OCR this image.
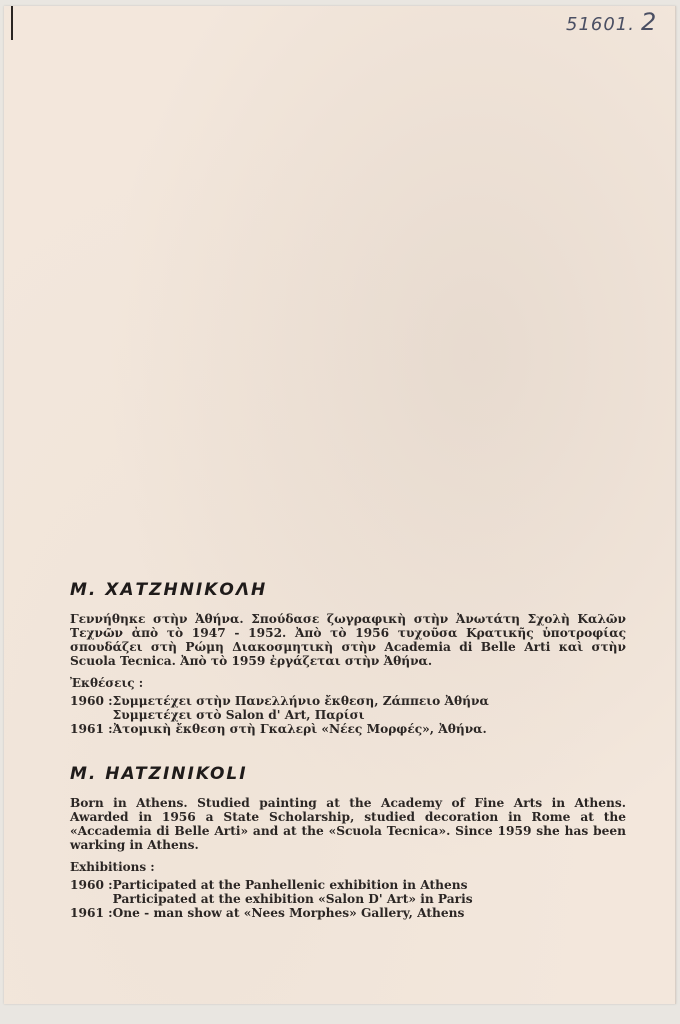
51601. 2
Μ. ΧΑΤΖΗΝΙΚΟΛΗ

Γεννήθηκε στὴν Ἀθήνα. Σπούδασε ζωγραφικὴ στὴν Ἀνωτάτη Σχολὴ Καλῶν Τεχνῶν ἀπὸ τὸ 1947 - 1952. Ἀπὸ τὸ 1956 τυχοῦσα Κρατικῆς ὑποτροφίας σπουδάζει στὴ Ρώμη Διακοσμητικὴ στὴν Academia di Belle Arti καὶ στὴν Scuola Tecnica. Ἀπὸ τὸ 1959 ἐργάζεται στὴν Ἀθήνα.

Ἐκθέσεις :
1960 :	Συμμετέχει στὴν Πανελλήνιο ἔκθεση, Ζάππειο Ἀθήνα
	Συμμετέχει στὸ Salon d' Art, Παρίσι
1961 :	Ἀτομικὴ ἔκθεση στὴ Γκαλερὶ «Νέες Μορφές», Ἀθήνα.
M. HATZINIKOLI

Born in Athens. Studied painting at the Academy of Fine Arts in Athens. Awarded in 1956 a State Scholarship, studied decoration in Rome at the «Accademia di Belle Arti» and at the «Scuola Tecnica». Since 1959 she has been warking in Athens.

Exhibitions :
1960 :	Participated at the Panhellenic exhibition in Athens
	Participated at the exhibition «Salon D' Art» in Paris
1961 :	One - man show at «Nees Morphes» Gallery, Athens
